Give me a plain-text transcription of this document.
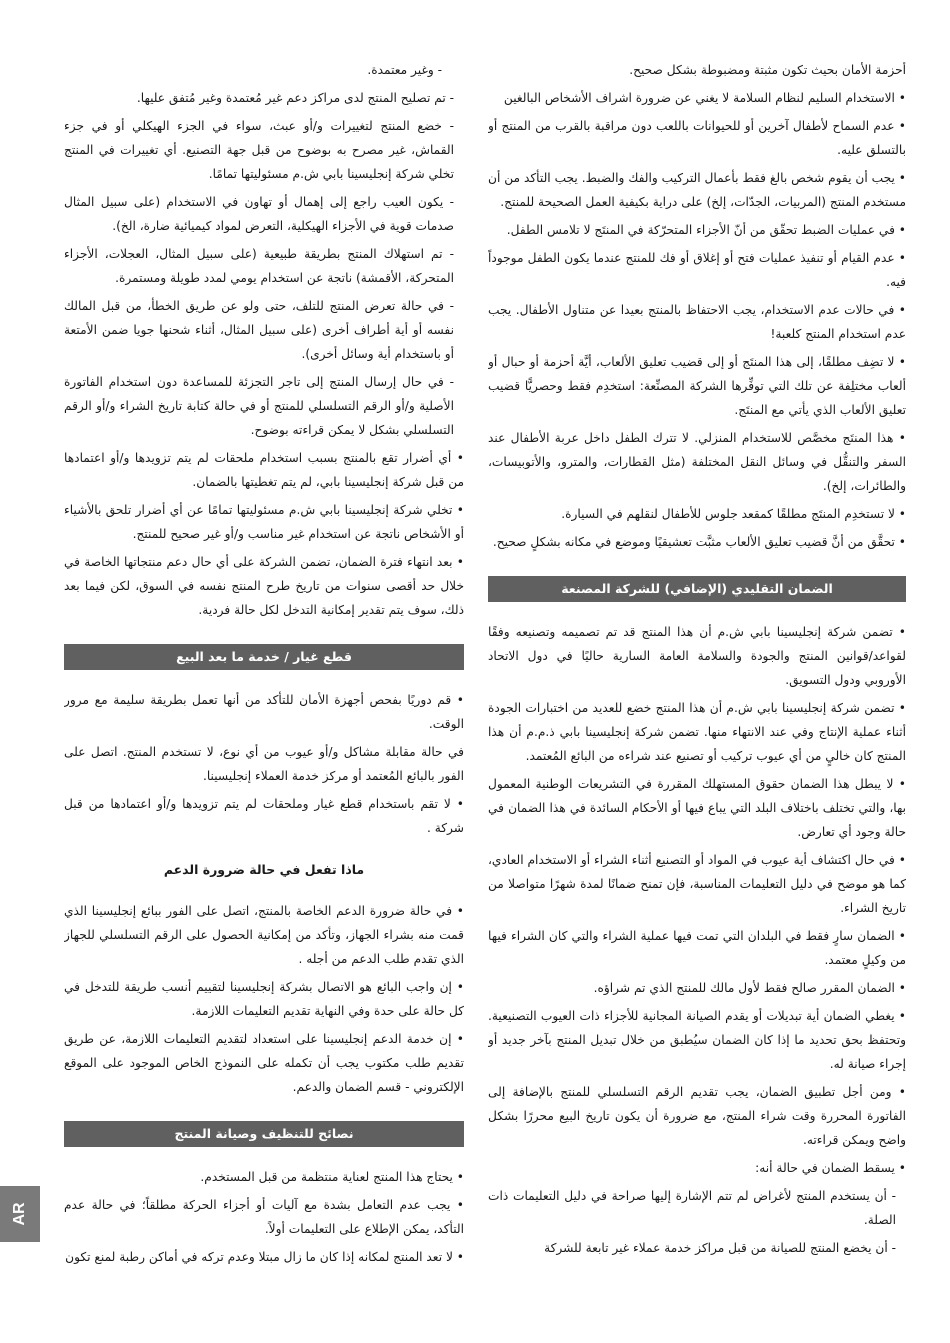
أحزمة الأمان بحيث تكون مثبتة ومضبوطة بشكل صحيح.

• الاستخدام السليم لنظام السلامة لا يغني عن ضرورة اشراف الأشخاص البالغين

• عدم السماح لأطفال آخرين أو للحيوانات باللعب دون مراقبة بالقرب من المنتج أو بالتسلق عليه.

• يجب أن يقوم شخص بالغ فقط بأعمال التركيب والفك والضبط. يجب التأكد من أن مستخدم المنتج (المربيات، الجدّات، إلخ) على دراية بكيفية العمل الصحيحة للمنتج.

• في عمليات الضبط تحقّق من أنّ الأجزاء المتحرّكة في المنتَج لا تلامس الطفل.

• عدم القيام أو تنفيذ عمليات فتح أو إغلاق أو فك للمنتج عندما يكون الطفل موجوداً فيه.

• في حالات عدم الاستخدام، يجب الاحتفاظ بالمنتج بعيدا عن متناول الأطفال. يجب عدم استخدام المنتج كلعبة!

• لا تضِف مطلقًا، إلى هذا المنتَج أو إلى قضيب تعليق الألعاب، أيَّة أحزمة أو حبال أو ألعاب مختلِفة عن تلك التي توفِّرها الشركة المصنِّعة: استخدِم فقط وحصريًّا قضيب تعليق الألعاب الذي يأتي مع المنتَج.

• هذا المنتَج مخصَّص للاستخدام المنزلي. لا تترك الطفل داخل عربة الأطفال عند السفر والتنقُّل في وسائل النقل المختلفة (مثل القطارات، والمترو، والأتوبيسات، والطائرات، إلخ).

• لا تستخدِم المنتَج مطلقًا كمقعد جلوس للأطفال لنقلهم في السيارة.

• تحقَّق من أنَّ قضيب تعليق الألعاب مثبَّت تعشيقيًا وموضع في مكانه بشكلٍ صحيح.

الضمان التقليدي (الإضافي) للشركة المصنعة

• تضمن شركة إنجليسينا بابي ش.م أن هذا المنتج قد تم تصميمه وتصنيعه وفقًا لقواعد/قوانين المنتج والجودة والسلامة العامة السارية حاليًا في دول الاتحاد الأوروبي ودول التسويق.

• تضمن شركة إنجليسينا بابي ش.م أن هذا المنتج خضع للعديد من اختبارات الجودة أثناء عملية الإنتاج وفي عند الانتهاء منها. تضمن شركة إنجليسينا بابي ذ.م.م أن هذا المنتج كان خاليٍ من أي عيوب تركيب أو تصنيع عند شراءه من البائع المُعتمد.

• لا يبطل هذا الضمان حقوق المستهلك المقررة في التشريعات الوطنية المعمول بها، والتي تختلف باختلاف البلد التي يباع فيها أو الأحكام السائدة في هذا الضمان في حالة وجود أي تعارض.

• في حال اكتشاف أية عيوب في المواد أو التصنيع أثناء الشراء أو الاستخدام العادي، كما هو موضح في دليل التعليمات المناسبة، فإن تمنح ضمانًا لمدة شهرًا متواصلا من تاريخ الشراء.

• الضمان سارٍ فقط في البلدان التي تمت فيها عملية الشراء والتي كان الشراء فيها من وكيلٍ معتمد.

• الضمان المقرر صالح فقط لأول مالك للمنتج الذي تم شراؤه.

• يغطي الضمان أية تبديلات أو يقدم الصيانة المجانية للأجزاء ذات العيوب التصنيعية. وتحتفظ بحق تحديد ما إذا كان الضمان سيُطبق من خلال تبديل المنتج بآخر جديد أو إجراء صيانة له.

• ومن أجل تطبيق الضمان، يجب تقديم الرقم التسلسلي للمنتج بالإضافة إلى الفاتورة المحررة وقت شراء المنتج، مع ضرورة أن يكون تاريخ البيع محررًا بشكل واضح ويمكن قراءته.

• يسقط الضمان في حالة أنه:

- أن يستخدم المنتج لأغراض لم تتم الإشارة إليها صراحة في دليل التعليمات ذات الصلة.

- أن يخضع المنتج للصيانة من قبل مراكز خدمة عملاء غير تابعة للشركة

- وغير معتمدة.

- تم تصليح المنتج لدى مراكز دعم غير مُعتمدة وغير مُتفق عليها.

- خضع المنتج لتغييرات و/أو عبث، سواء في الجزء الهيكلي أو في جزء القماش، غير مصرح به بوضوح من قبل جهة التصنيع. أي تغييرات في المنتج تخلي شركة إنجليسينا بابي ش.م مسئوليتها تمامًا.

- يكون العيب راجع إلى إهمال أو تهاون في الاستخدام (على سبيل المثال صدمات قوية في الأجزاء الهيكلية، التعرض لمواد كيميائية ضارة، الخ).

- تم استهلاك المنتج بطريقة طبيعية (على سبيل المثال، العجلات، الأجزاء المتحركة، الأقمشة) ناتجة عن استخدام يومي لمدد طويلة ومستمرة.

- في حالة تعرض المنتج للتلف، حتى ولو عن طريق الخطأ، من قبل المالك نفسه أو أية أطراف أخرى (على سبيل المثال، أثناء شحنها جويا ضمن الأمتعة أو باستخدام أية وسائل أخرى).

- في حال إرسال المنتج إلى تاجر التجزئة للمساعدة دون استخدام الفاتورة الأصلية و/أو الرقم التسلسلي للمنتج أو في حالة كتابة تاريخ الشراء و/أو الرقم التسلسلي بشكل لا يمكن قراءته بوضوح.

• أي أضرار تقع بالمنتج بسبب استخدام ملحقات لم يتم تزويدها و/أو اعتمادها من قبل شركة إنجليسينا بابي، لم يتم تغطيتها بالضمان.

• تخلي شركة إنجليسينا بابي ش.م مسئوليتها تمامًا عن أي أضرار تلحق بالأشياء أو الأشخاص ناتجة عن استخدام غير مناسب و/أو غير صحيح للمنتج.

• بعد انتهاء فترة الضمان، تضمن الشركة على أي حال دعم منتجاتها الخاصة في خلال حد أقصى سنوات من تاريخ طرح المنتج نفسه في السوق، لكن فيما بعد ذلك، سوف يتم تقدير إمكانية التدخل لكل حالة فردية.

قطع غيار / خدمة ما بعد البيع

• قم دوريًا بفحص أجهزة الأمان للتأكد من أنها تعمل بطريقة سليمة مع مرور الوقت.

في حالة مقابلة مشاكل و/أو عيوب من أي نوع، لا تستخدم المنتج. اتصل على الفور بالبائع المُعتمد أو مركز خدمة العملاء إنجليسينا.

• لا تقم باستخدام قطع غيار وملحقات لم يتم تزويدها و/أو اعتمادها من قبل شركة .

ماذا تفعل في حالة ضرورة الدعم

• في حالة ضرورة الدعم الخاصة بالمنتج، اتصل على الفور ببائع إنجليسينا الذي قمت منه بشراء الجهاز، وتأكد من إمكانية الحصول على الرقم التسلسلي للجهاز الذي تقدم طلب الدعم من أجله .

• إن واجب البائع هو الاتصال بشركة إنجليسينا لتقييم أنسب طريقة للتدخل في كل حالة على حدة وفي النهاية تقديم التعليمات اللازمة.

• إن خدمة الدعم إنجليسينا على استعداد لتقديم التعليمات اللازمة، عن طريق تقديم طلب مكتوب يجب أن تكمله على النموذج الخاص الموجود على الموقع الإلكتروني - قسم الضمان والدعم.

نصائح للتنظيف وصيانة المنتج

• يحتاج هذا المنتج لعناية منتظمة من قبل المستخدم.

• يجب عدم التعامل بشدة مع آليات أو أجزاء الحركة مطلقاً؛ في حالة عدم التأكد، يمكن الإطلاع على التعليمات أولاً.

• لا تعد المنتج لمكانه إذا كان ما زال مبتلا وعدم تركه في أماكن رطبة لمنع تكون

AR
